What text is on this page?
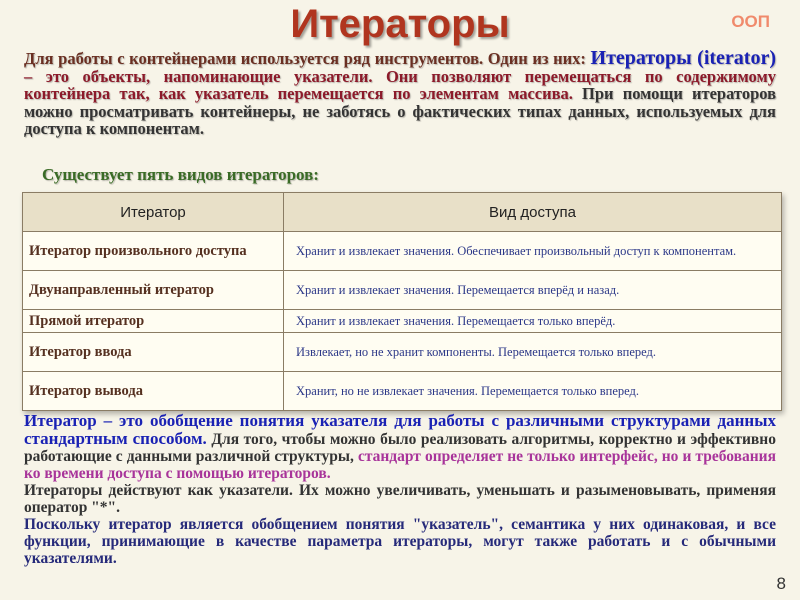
Итераторы	ООП
Для работы с контейнерами используется ряд инструментов. Один из них: Итераторы (iterator) – это объекты, напоминающие указатели. Они позволяют перемещаться по содержимому контейнера так, как указатель перемещается по элементам массива. При помощи итераторов можно просматривать контейнеры, не заботясь о фактических типах данных, используемых для доступа к компонентам.
Существует пять видов итераторов:
Итератор	Вид доступа
Итератор произвольного доступа	Хранит и извлекает значения. Обеспечивает произвольный доступ к компонентам.
Двунаправленный итератор	Хранит и извлекает значения. Перемещается вперёд и назад.
Прямой итератор	Хранит и извлекает значения. Перемещается только вперёд.
Итератор ввода	Извлекает, но не хранит компоненты. Перемещается только вперед.
Итератор вывода	Хранит, но не извлекает значения. Перемещается только вперед.

Итератор – это обобщение понятия указателя для работы с различными структурами данных стандартным способом. Для того, чтобы можно было реализовать алгоритмы, корректно и эффективно работающие с данными различной структуры, стандарт определяет не только интерфейс, но и требования ко времени доступа с помощью итераторов.

Итераторы действуют как указатели. Их можно увеличивать, уменьшать и разыменовывать, применяя оператор "*".

Поскольку итератор является обобщением понятия "указатель", семантика у них одинаковая, и все функции, принимающие в качестве параметра итераторы, могут также работать и с обычными указателями.

8
